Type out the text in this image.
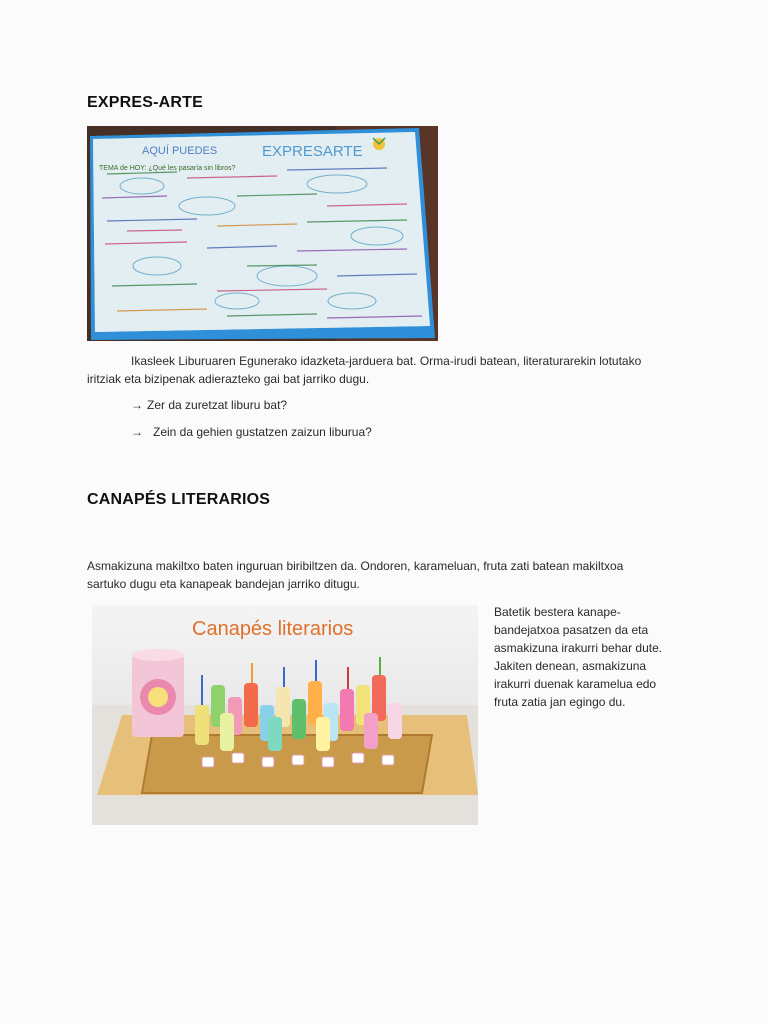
EXPRES-ARTE
AQUÍ PUEDES	EXPRESARTE
TEMA de HOY: ¿Qué les pasaría sin libros?
Ikasleek Liburuaren Egunerako idazketa-jarduera bat. Orma-irudi batean, literaturarekin lotutako iritziak eta bizipenak adierazteko gai bat jarriko dugu.
→ Zer da zuretzat liburu bat?
→ Zein da gehien gustatzen zaizun liburua?
CANAPÉS LITERARIOS
Asmakizuna makiltxo baten inguruan biribiltzen da. Ondoren, karameluan, fruta zati batean makiltxoa sartuko dugu eta kanapeak bandejan jarriko ditugu.
Canapés literarios
Batetik bestera kanape-bandejatxoa pasatzen da eta asmakizuna irakurri behar dute. Jakiten denean, asmakizuna irakurri duenak karamelua edo fruta zatia jan egingo du.
